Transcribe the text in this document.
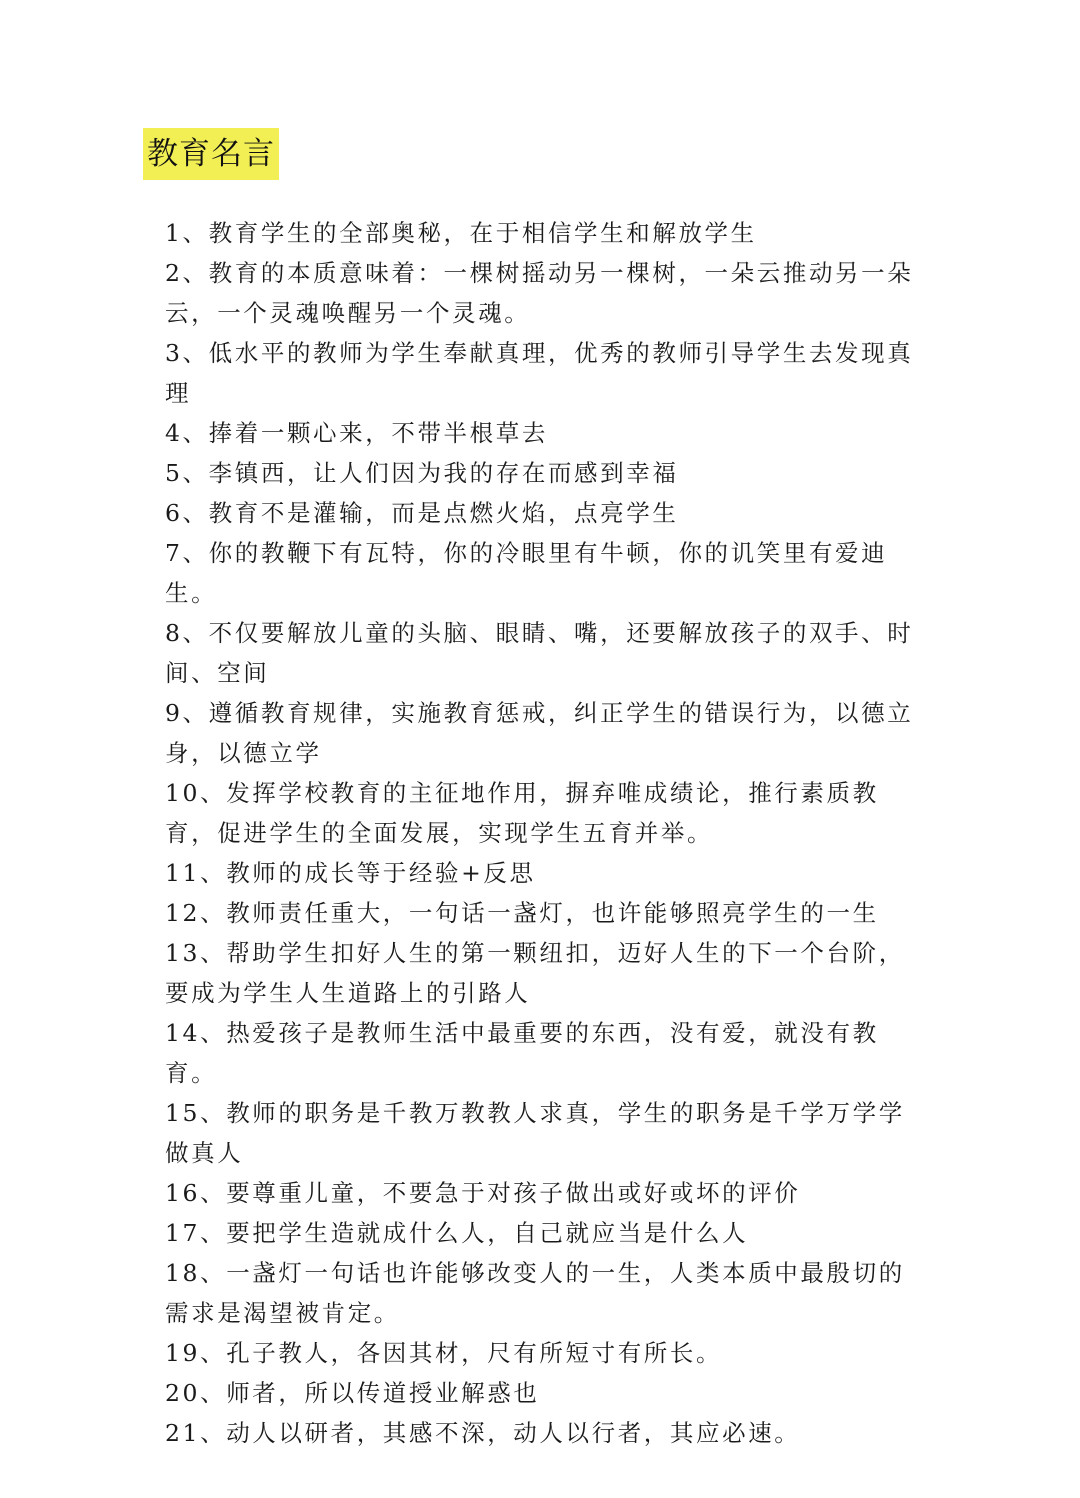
教育名言
1、教育学生的全部奥秘，在于相信学生和解放学生
2、教育的本质意味着：一棵树摇动另一棵树，一朵云推动另一朵云，一个灵魂唤醒另一个灵魂。
3、低水平的教师为学生奉献真理，优秀的教师引导学生去发现真理
4、捧着一颗心来，不带半根草去
5、李镇西，让人们因为我的存在而感到幸福
6、教育不是灌输，而是点燃火焰，点亮学生
7、你的教鞭下有瓦特，你的冷眼里有牛顿，你的讥笑里有爱迪生。
8、不仅要解放儿童的头脑、眼睛、嘴，还要解放孩子的双手、时间、空间
9、遵循教育规律，实施教育惩戒，纠正学生的错误行为，以德立身，以德立学
10、发挥学校教育的主征地作用，摒弃唯成绩论，推行素质教育，促进学生的全面发展，实现学生五育并举。
11、教师的成长等于经验+反思
12、教师责任重大，一句话一盏灯，也许能够照亮学生的一生
13、帮助学生扣好人生的第一颗纽扣，迈好人生的下一个台阶，要成为学生人生道路上的引路人
14、热爱孩子是教师生活中最重要的东西，没有爱，就没有教育。
15、教师的职务是千教万教教人求真，学生的职务是千学万学学做真人
16、要尊重儿童，不要急于对孩子做出或好或坏的评价
17、要把学生造就成什么人，自己就应当是什么人
18、一盏灯一句话也许能够改变人的一生，人类本质中最殷切的需求是渴望被肯定。
19、孔子教人，各因其材，尺有所短寸有所长。
20、师者，所以传道授业解惑也
21、动人以研者，其感不深，动人以行者，其应必速。
